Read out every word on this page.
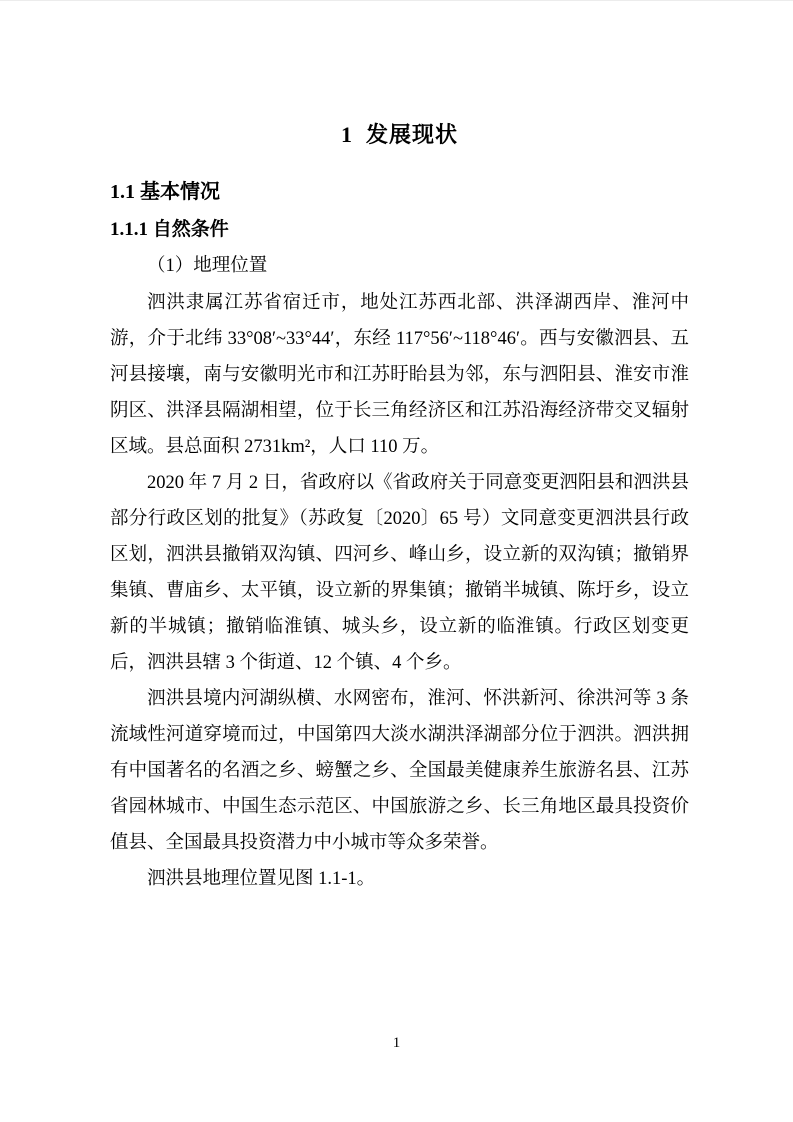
1  发展现状
1.1 基本情况
1.1.1 自然条件

（1）地理位置

泗洪隶属江苏省宿迁市，地处江苏西北部、洪泽湖西岸、淮河中游，介于北纬 33°08′~33°44′，东经 117°56′~118°46′。西与安徽泗县、五河县接壤，南与安徽明光市和江苏盱眙县为邻，东与泗阳县、淮安市淮阴区、洪泽县隔湖相望，位于长三角经济区和江苏沿海经济带交叉辐射区域。县总面积 2731km²，人口 110 万。

2020 年 7 月 2 日，省政府以《省政府关于同意变更泗阳县和泗洪县部分行政区划的批复》（苏政复〔2020〕65 号）文同意变更泗洪县行政区划，泗洪县撤销双沟镇、四河乡、峰山乡，设立新的双沟镇；撤销界集镇、曹庙乡、太平镇，设立新的界集镇；撤销半城镇、陈圩乡，设立新的半城镇；撤销临淮镇、城头乡，设立新的临淮镇。行政区划变更后，泗洪县辖 3 个街道、12 个镇、4 个乡。

泗洪县境内河湖纵横、水网密布，淮河、怀洪新河、徐洪河等 3 条流域性河道穿境而过，中国第四大淡水湖洪泽湖部分位于泗洪。泗洪拥有中国著名的名酒之乡、螃蟹之乡、全国最美健康养生旅游名县、江苏省园林城市、中国生态示范区、中国旅游之乡、长三角地区最具投资价值县、全国最具投资潜力中小城市等众多荣誉。

泗洪县地理位置见图 1.1-1。

1
